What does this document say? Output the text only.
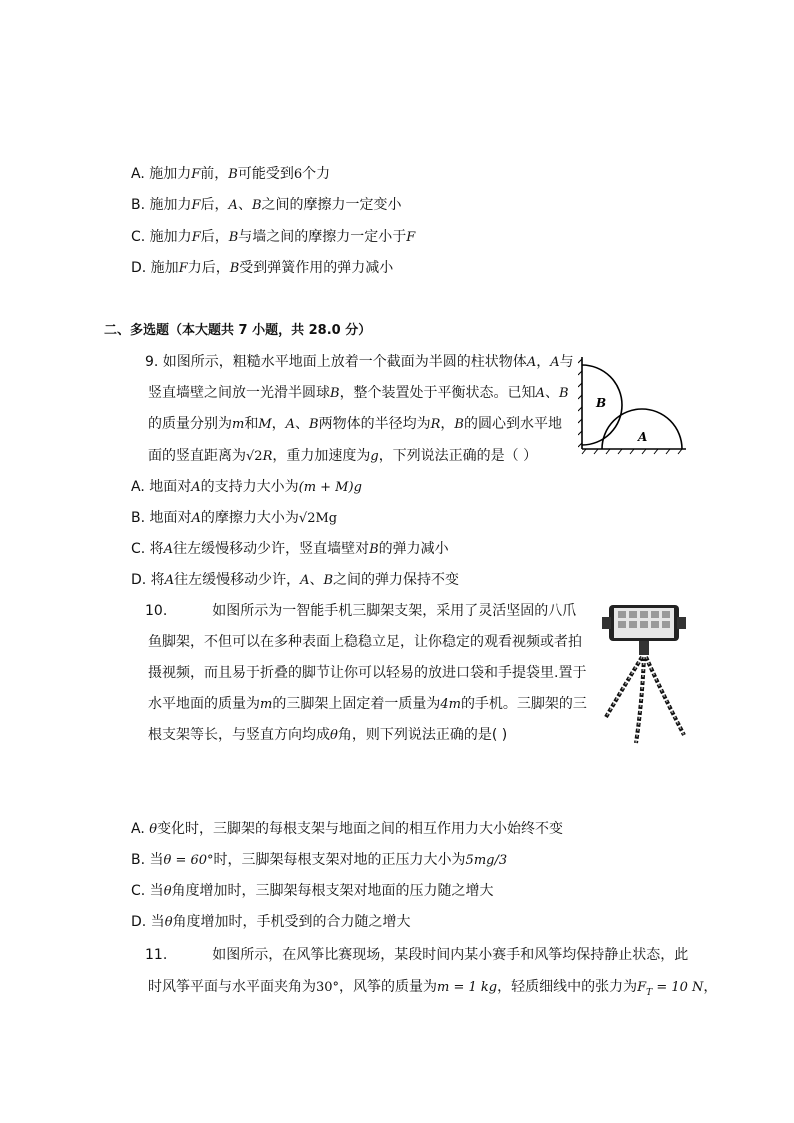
A. 施加力F前，B可能受到6个力
B. 施加力F后，A、B之间的摩擦力一定变小
C. 施加力F后，B与墙之间的摩擦力一定小于F
D. 施加F力后，B受到弹簧作用的弹力减小
二、多选题（本大题共 7 小题，共 28.0 分）
9. 如图所示，粗糙水平地面上放着一个截面为半圆的柱状物体A，A与
竖直墙壁之间放一光滑半圆球B，整个装置处于平衡状态。已知A、B
的质量分别为m和M，A、B两物体的半径均为R，B的圆心到水平地
面的竖直距离为√2R，重力加速度为g，下列说法正确的是（ ）
B
A
A. 地面对A的支持力大小为(m + M)g
B. 地面对A的摩擦力大小为√2Mg
C. 将A往左缓慢移动少许，竖直墙壁对B的弹力减小
D. 将A往左缓慢移动少许，A、B之间的弹力保持不变
10.	如图所示为一智能手机三脚架支架，采用了灵活坚固的八爪
鱼脚架，不但可以在多种表面上稳稳立足，让你稳定的观看视频或者拍
摄视频，而且易于折叠的脚节让你可以轻易的放进口袋和手提袋里.置于
水平地面的质量为m的三脚架上固定着一质量为4m的手机。三脚架的三
根支架等长，与竖直方向均成θ角，则下列说法正确的是( )
A. θ变化时，三脚架的每根支架与地面之间的相互作用力大小始终不变
B. 当θ = 60°时，三脚架每根支架对地的正压力大小为5mg/3
C. 当θ角度增加时，三脚架每根支架对地面的压力随之增大
D. 当θ角度增加时，手机受到的合力随之增大
11.	如图所示，在风筝比赛现场，某段时间内某小赛手和风筝均保持静止状态，此
时风筝平面与水平面夹角为30°，风筝的质量为m = 1 kg，轻质细线中的张力为$F_T = 10$ N，
